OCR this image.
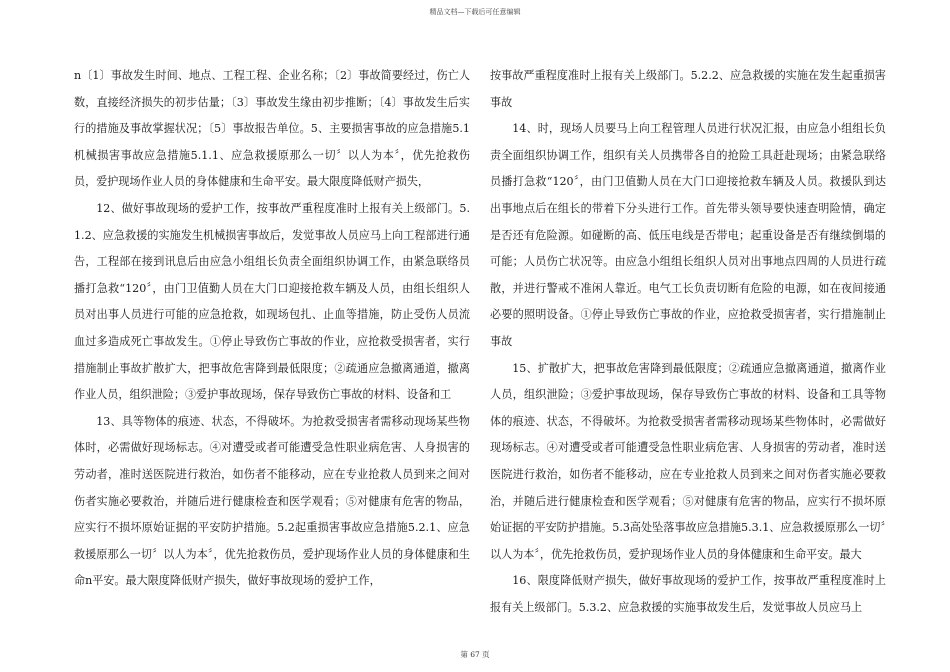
精品文档—下载后可任意编辑

n〔1〕事故发生时间、地点、工程工程、企业名称；〔2〕事故简要经过，伤亡人数，直接经济损失的初步估量；〔3〕事故发生缘由初步推断；〔4〕事故发生后实行的措施及事故掌握状况；〔5〕事故报告单位。5、主要损害事故的应急措施5.1机械损害事故应急措施5.1.1、应急救援原那么一切〞以人为本〞，优先抢救伤员，爱护现场作业人员的身体健康和生命平安。最大限度降低财产损失，

12、做好事故现场的爱护工作，按事故严重程度准时上报有关上级部门。5.1.2、应急救援的实施发生机械损害事故后，发觉事故人员应马上向工程部进行通告，工程部在接到讯息后由应急小组组长负责全面组织协调工作，由紧急联络员播打急救“120〞，由门卫值勤人员在大门口迎接抢救车辆及人员，由组长组织人员对出事人员进行可能的应急抢救，如现场包扎、止血等措施，防止受伤人员流血过多造成死亡事故发生。①停止导致伤亡事故的作业，应抢救受损害者，实行措施制止事故扩散扩大，把事故危害降到最低限度；②疏通应急撤离通道，撤离作业人员，组织泄险；③爱护事故现场，保存导致伤亡事故的材料、设备和工

13、具等物体的痕迹、状态，不得破坏。为抢救受损害者需移动现场某些物体时，必需做好现场标志。④对遭受或者可能遭受急性职业病危害、人身损害的劳动者，准时送医院进行救治，如伤者不能移动，应在专业抢救人员到来之间对伤者实施必要救治，并随后进行健康检查和医学观看；⑤对健康有危害的物品，应实行不损坏原始证据的平安防护措施。5.2起重损害事故应急措施5.2.1、应急救援原那么一切〞以人为本〞，优先抢救伤员，爱护现场作业人员的身体健康和生命n平安。最大限度降低财产损失，做好事故现场的爱护工作，

按事故严重程度准时上报有关上级部门。5.2.2、应急救援的实施在发生起重损害事故

14、时，现场人员要马上向工程管理人员进行状况汇报，由应急小组组长负责全面组织协调工作，组织有关人员携带各自的抢险工具赶赴现场；由紧急联络员播打急救“120〞，由门卫值勤人员在大门口迎接抢救车辆及人员。救援队到达出事地点后在组长的带着下分头进行工作。首先带头领导要快速查明险情，确定是否还有危险源。如碰断的高、低压电线是否带电；起重设备是否有继续倒塌的可能；人员伤亡状况等。由应急小组组长组织人员对出事地点四周的人员进行疏散，并进行警戒不准闲人靠近。电气工长负责切断有危险的电源，如在夜间接通必要的照明设备。①停止导致伤亡事故的作业，应抢救受损害者，实行措施制止事故

15、扩散扩大，把事故危害降到最低限度；②疏通应急撤离通道，撤离作业人员，组织泄险；③爱护事故现场，保存导致伤亡事故的材料、设备和工具等物体的痕迹、状态，不得破坏。为抢救受损害者需移动现场某些物体时，必需做好现场标志。④对遭受或者可能遭受急性职业病危害、人身损害的劳动者，准时送医院进行救治，如伤者不能移动，应在专业抢救人员到来之间对伤者实施必要救治，并随后进行健康检查和医学观看；⑤对健康有危害的物品，应实行不损坏原始证据的平安防护措施。5.3高处坠落事故应急措施5.3.1、应急救援原那么一切〞以人为本〞，优先抢救伤员，爱护现场作业人员的身体健康和生命平安。最大

16、限度降低财产损失，做好事故现场的爱护工作，按事故严重程度准时上报有关上级部门。5.3.2、应急救援的实施事故发生后，发觉事故人员应马上

第 67 页
